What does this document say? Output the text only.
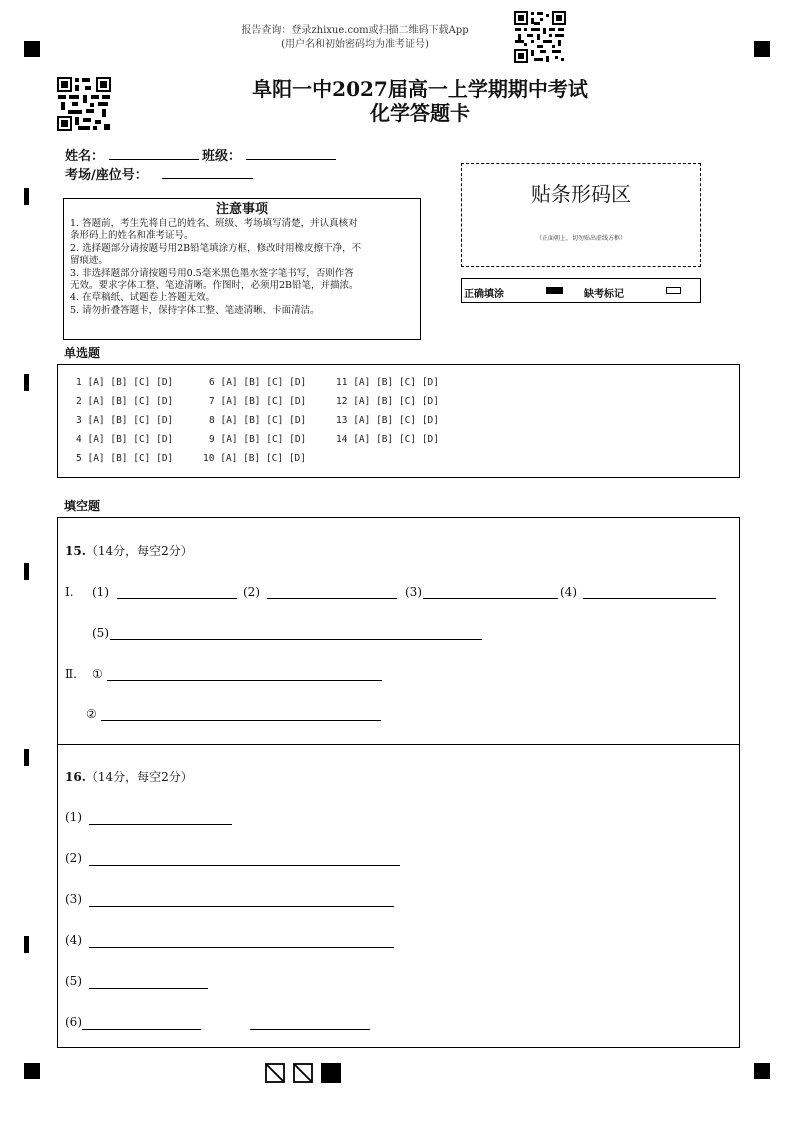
报告查询：登录zhixue.com或扫描二维码下载App
(用户名和初始密码均为准考证号)
阜阳一中2027届高一上学期期中考试
化学答题卡
姓名：	班级：
考场/座位号：
注意事项
1. 答题前，考生先将自己的姓名、班级、考场填写清楚，并认真核对
条形码上的姓名和准考证号。
2. 选择题部分请按题号用2B铅笔填涂方框，修改时用橡皮擦干净，不
留痕迹。
3. 非选择题部分请按题号用0.5毫米黑色墨水签字笔书写，否则作答
无效。要求字体工整、笔迹清晰。作图时，必须用2B铅笔，并描浓。
4. 在草稿纸、试题卷上答题无效。
5. 请勿折叠答题卡，保持字体工整、笔迹清晰、卡面清洁。
贴条形码区
（正面朝上，切勿贴出虚线方框）
正确填涂	缺考标记
单选题
1 [A] [B] [C] [D]
2 [A] [B] [C] [D]
3 [A] [B] [C] [D]
4 [A] [B] [C] [D]
5 [A] [B] [C] [D]
6 [A] [B] [C] [D]
7 [A] [B] [C] [D]
8 [A] [B] [C] [D]
9 [A] [B] [C] [D]
10 [A] [B] [C] [D]
11 [A] [B] [C] [D]
12 [A] [B] [C] [D]
13 [A] [B] [C] [D]
14 [A] [B] [C] [D]
填空题
15.（14分，每空2分）
Ⅰ. (1)	(2)	(3)	(4)
(5)
Ⅱ. ①
②
16.（14分，每空2分）
(1)
(2)
(3)
(4)
(5)
(6)
